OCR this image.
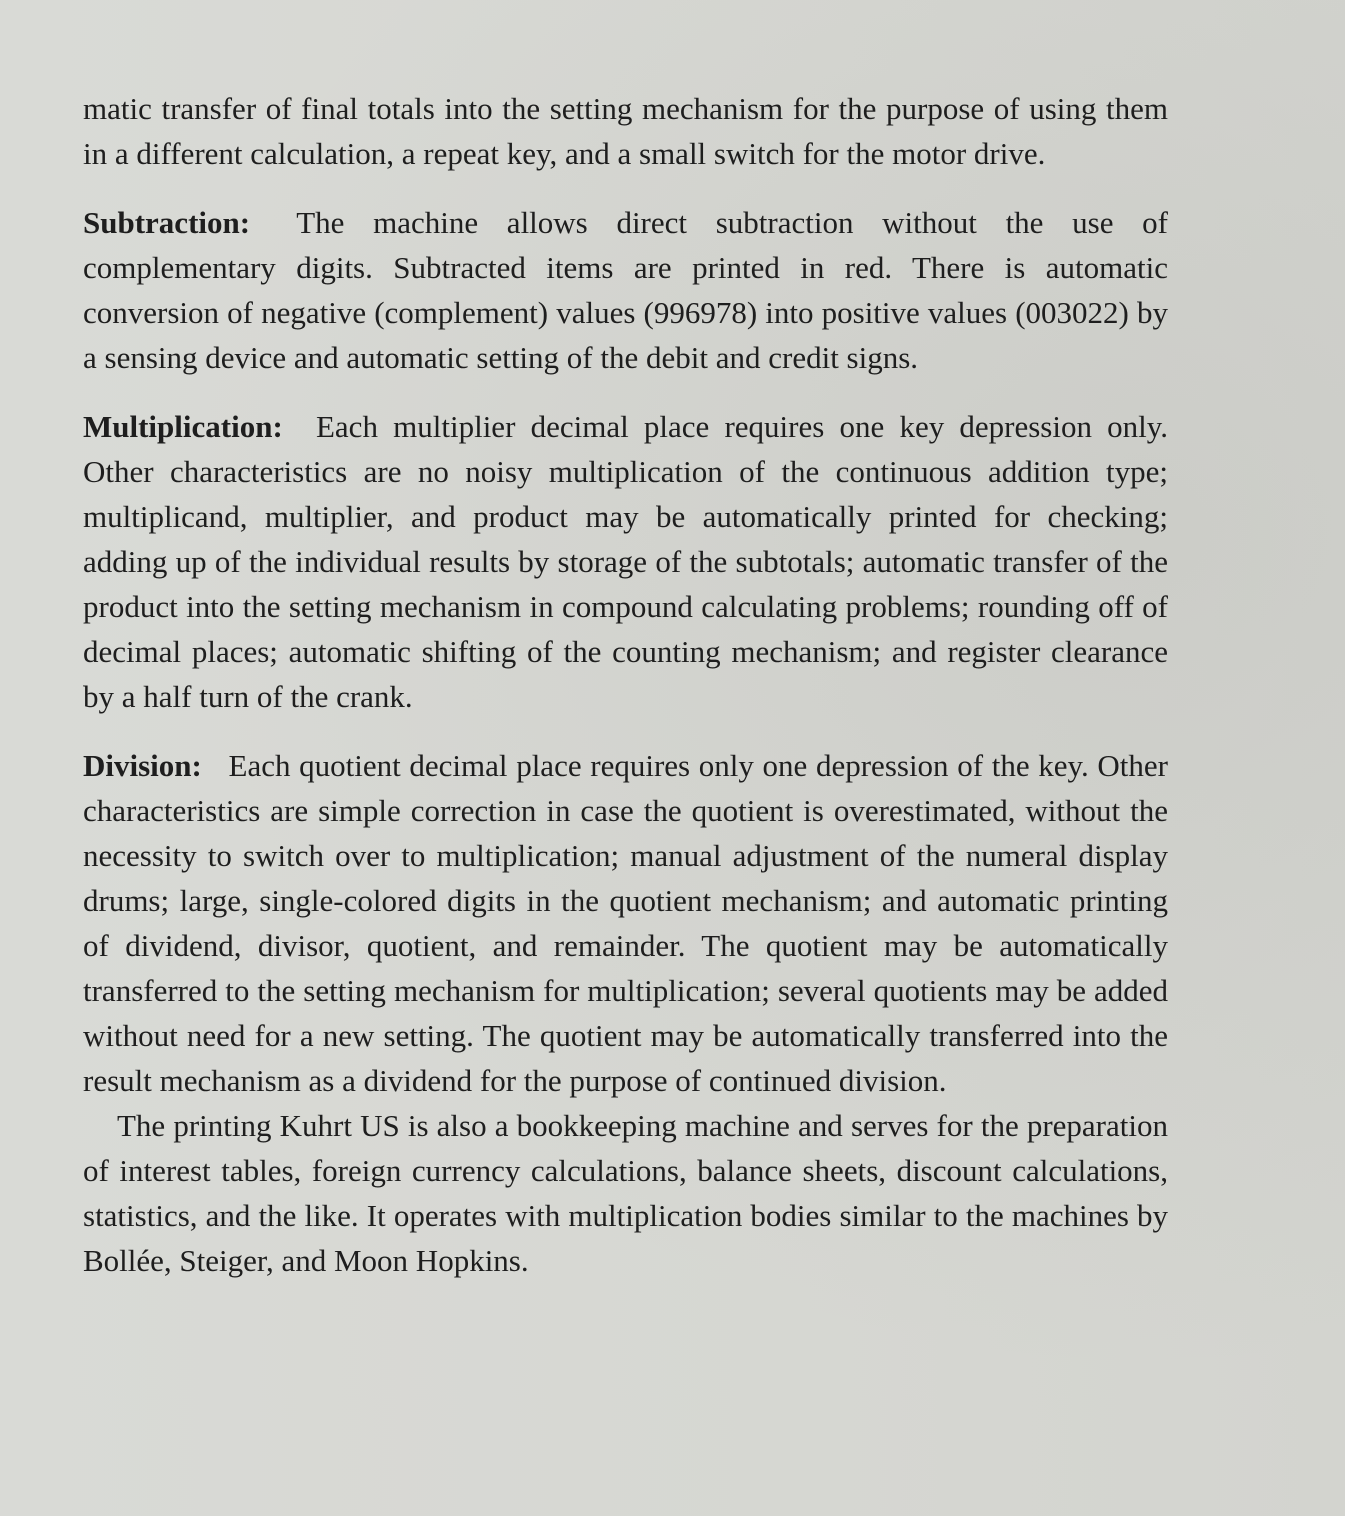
matic transfer of final totals into the setting mechanism for the purpose of using them in a different calculation, a repeat key, and a small switch for the motor drive.

Subtraction: The machine allows direct subtraction without the use of complementary digits. Subtracted items are printed in red. There is automatic conversion of negative (complement) values (996978) into positive values (003022) by a sensing device and automatic setting of the debit and credit signs.

Multiplication: Each multiplier decimal place requires one key depression only. Other characteristics are no noisy multiplication of the continuous addition type; multiplicand, multiplier, and product may be automatically printed for checking; adding up of the individual results by storage of the subtotals; automatic transfer of the product into the setting mechanism in compound calculating problems; rounding off of decimal places; automatic shifting of the counting mechanism; and register clearance by a half turn of the crank.

Division: Each quotient decimal place requires only one depression of the key. Other characteristics are simple correction in case the quotient is overestimated, without the necessity to switch over to multiplication; manual adjustment of the numeral display drums; large, single-colored digits in the quotient mechanism; and automatic printing of dividend, divisor, quotient, and remainder. The quotient may be automatically transferred to the setting mechanism for multiplication; several quotients may be added without need for a new setting. The quotient may be automatically transferred into the result mechanism as a dividend for the purpose of continued division.

The printing Kuhrt US is also a bookkeeping machine and serves for the preparation of interest tables, foreign currency calculations, balance sheets, discount calculations, statistics, and the like. It operates with multiplication bodies similar to the machines by Bollée, Steiger, and Moon Hopkins.
